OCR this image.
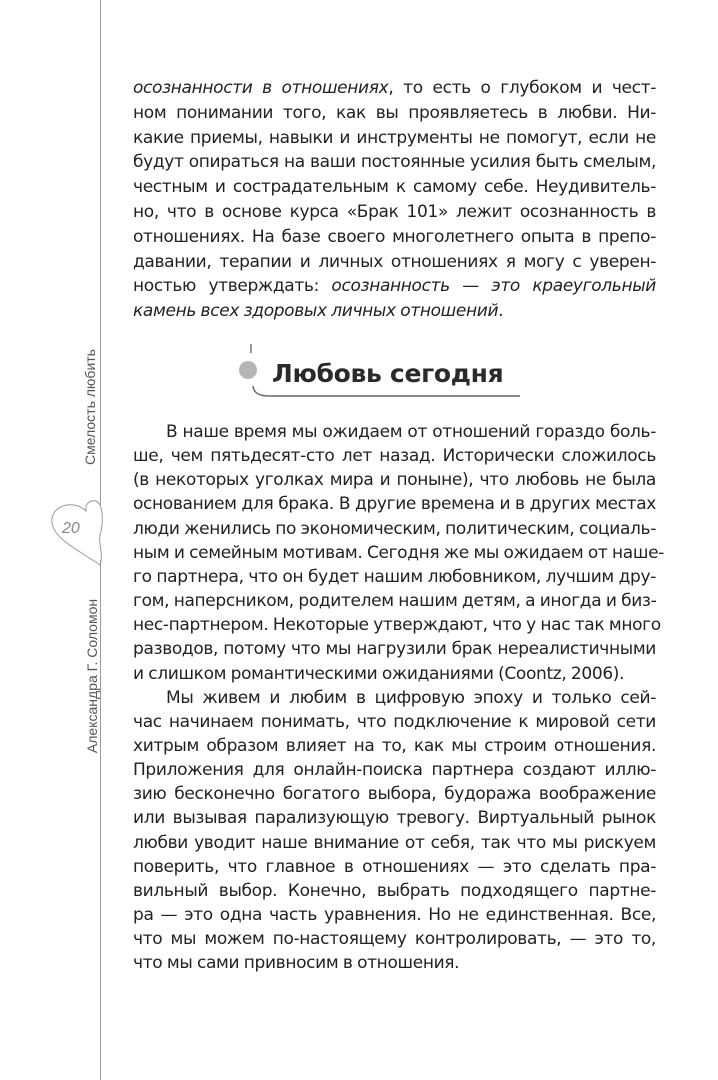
20
Смелость любить
Александра Г. Соломон
осознанности в отношениях, то есть о глубоком и чест-
ном понимании того, как вы проявляетесь в любви. Ни-
какие приемы, навыки и инструменты не помогут, если не
будут опираться на ваши постоянные усилия быть смелым,
честным и сострадательным к самому себе. Неудивитель-
но, что в основе курса «Брак 101» лежит осознанность в
отношениях. На базе своего многолетнего опыта в препо-
давании, терапии и личных отношениях я могу с уверен-
ностью утверждать: осознанность — это краеугольный
камень всех здоровых личных отношений.
Любовь сегодня
В наше время мы ожидаем от отношений гораздо боль-
ше, чем пятьдесят-сто лет назад. Исторически сложилось
(в некоторых уголках мира и поныне), что любовь не была
основанием для брака. В другие времена и в других местах
люди женились по экономическим, политическим, социаль-
ным и семейным мотивам. Сегодня же мы ожидаем от наше-
го партнера, что он будет нашим любовником, лучшим дру-
гом, наперсником, родителем нашим детям, а иногда и биз-
нес-партнером. Некоторые утверждают, что у нас так много
разводов, потому что мы нагрузили брак нереалистичными
и слишком романтическими ожиданиями (Coontz, 2006).
Мы живем и любим в цифровую эпоху и только сей-
час начинаем понимать, что подключение к мировой сети
хитрым образом влияет на то, как мы строим отношения.
Приложения для онлайн-поиска партнера создают иллю-
зию бесконечно богатого выбора, будоража воображение
или вызывая парализующую тревогу. Виртуальный рынок
любви уводит наше внимание от себя, так что мы рискуем
поверить, что главное в отношениях — это сделать пра-
вильный выбор. Конечно, выбрать подходящего партне-
ра — это одна часть уравнения. Но не единственная. Все,
что мы можем по-настоящему контролировать, — это то,
что мы сами привносим в отношения.
